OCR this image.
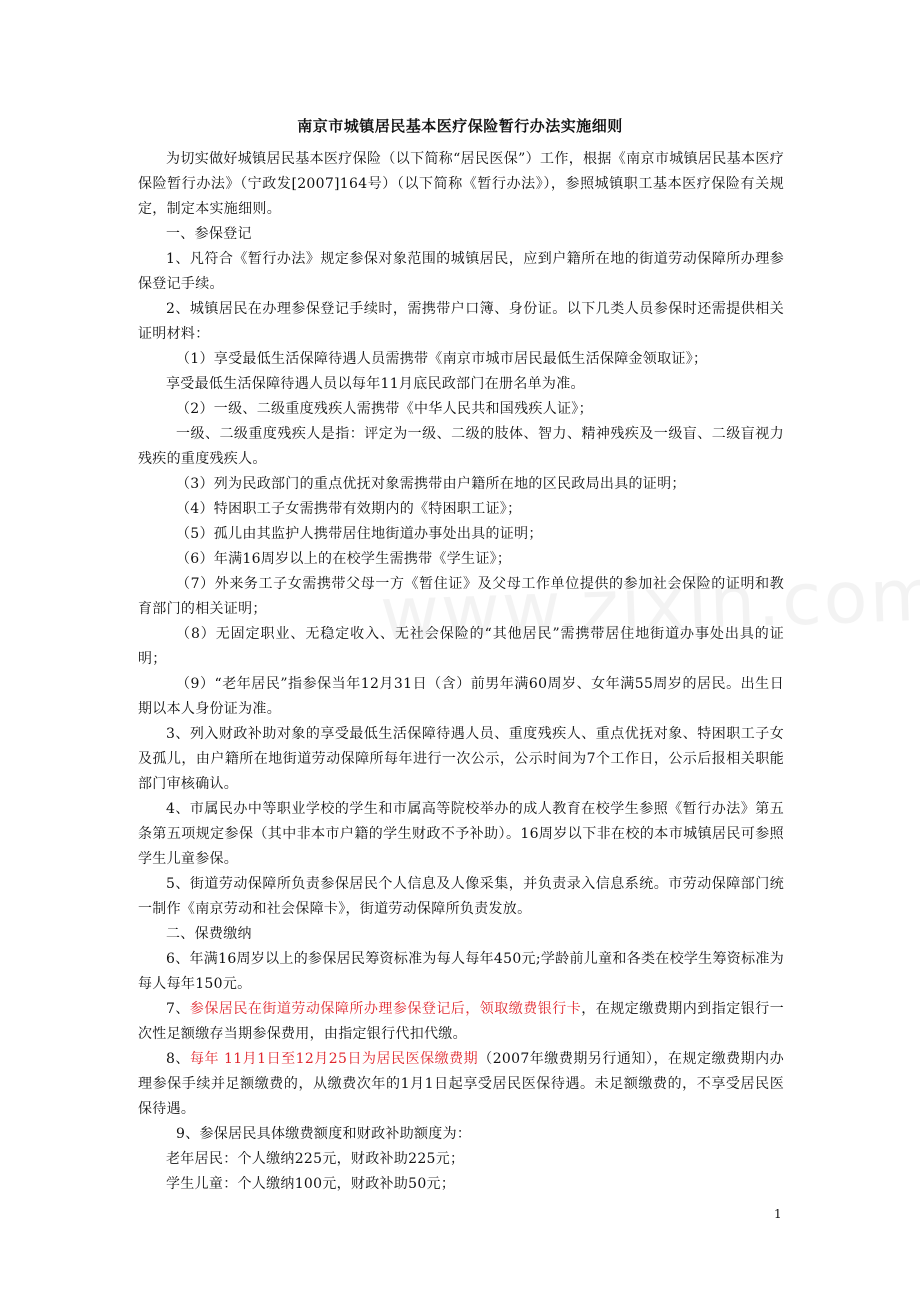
南京市城镇居民基本医疗保险暂行办法实施细则

为切实做好城镇居民基本医疗保险（以下简称“居民医保”）工作，根据《南京市城镇居民基本医疗保险暂行办法》（宁政发[2007]164号）（以下简称《暂行办法》），参照城镇职工基本医疗保险有关规定，制定本实施细则。

一、参保登记

1、凡符合《暂行办法》规定参保对象范围的城镇居民，应到户籍所在地的街道劳动保障所办理参保登记手续。

2、城镇居民在办理参保登记手续时，需携带户口簿、身份证。以下几类人员参保时还需提供相关证明材料：

（1）享受最低生活保障待遇人员需携带《南京市城市居民最低生活保障金领取证》；

享受最低生活保障待遇人员以每年11月底民政部门在册名单为准。

（2）一级、二级重度残疾人需携带《中华人民共和国残疾人证》；

一级、二级重度残疾人是指：评定为一级、二级的肢体、智力、精神残疾及一级盲、二级盲视力残疾的重度残疾人。

（3）列为民政部门的重点优抚对象需携带由户籍所在地的区民政局出具的证明；

（4）特困职工子女需携带有效期内的《特困职工证》；

（5）孤儿由其监护人携带居住地街道办事处出具的证明；

（6）年满16周岁以上的在校学生需携带《学生证》；

（7）外来务工子女需携带父母一方《暂住证》及父母工作单位提供的参加社会保险的证明和教育部门的相关证明；

（8）无固定职业、无稳定收入、无社会保险的“其他居民”需携带居住地街道办事处出具的证明；

（9）“老年居民”指参保当年12月31日（含）前男年满60周岁、女年满55周岁的居民。出生日期以本人身份证为准。

3、列入财政补助对象的享受最低生活保障待遇人员、重度残疾人、重点优抚对象、特困职工子女及孤儿，由户籍所在地街道劳动保障所每年进行一次公示，公示时间为7个工作日，公示后报相关职能部门审核确认。

4、市属民办中等职业学校的学生和市属高等院校举办的成人教育在校学生参照《暂行办法》第五条第五项规定参保（其中非本市户籍的学生财政不予补助）。16周岁以下非在校的本市城镇居民可参照学生儿童参保。

5、街道劳动保障所负责参保居民个人信息及人像采集，并负责录入信息系统。市劳动保障部门统一制作《南京劳动和社会保障卡》，街道劳动保障所负责发放。

二、保费缴纳

6、年满16周岁以上的参保居民筹资标准为每人每年450元;学龄前儿童和各类在校学生筹资标准为每人每年150元。

7、参保居民在街道劳动保障所办理参保登记后，领取缴费银行卡，在规定缴费期内到指定银行一次性足额缴存当期参保费用，由指定银行代扣代缴。

8、每年 11月1日至12月25日为居民医保缴费期（2007年缴费期另行通知），在规定缴费期内办理参保手续并足额缴费的，从缴费次年的1月1日起享受居民医保待遇。未足额缴费的，不享受居民医保待遇。

9、参保居民具体缴费额度和财政补助额度为：

老年居民：个人缴纳225元，财政补助225元；

学生儿童：个人缴纳100元，财政补助50元；

1
